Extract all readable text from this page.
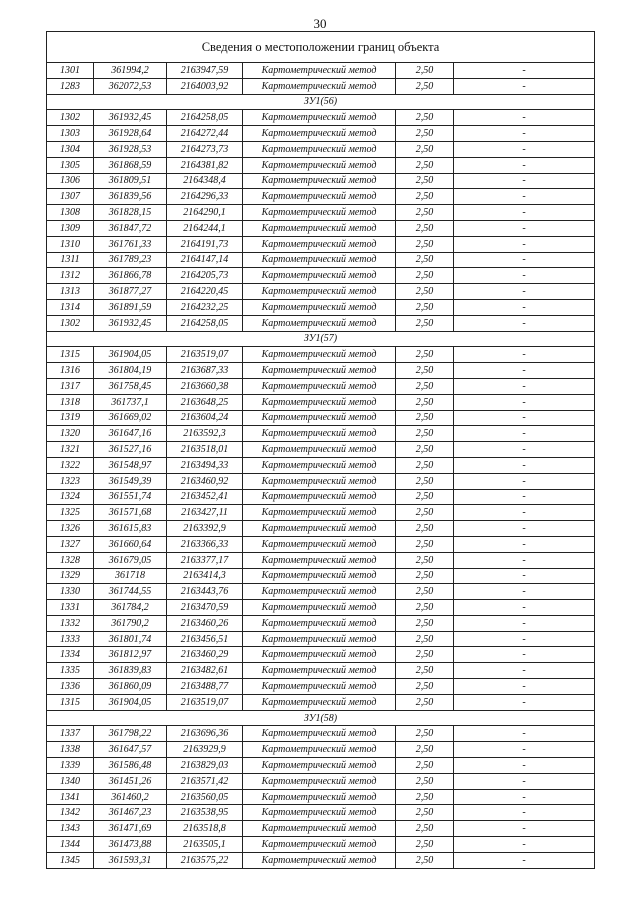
30
Сведения о местоположении границ объекта					
1301	361994,2	2163947,59	Картометрический метод	2,50	-
1283	362072,53	2164003,92	Картометрический метод	2,50	-
ЗУ1(56)					
1302	361932,45	2164258,05	Картометрический метод	2,50	-
1303	361928,64	2164272,44	Картометрический метод	2,50	-
1304	361928,53	2164273,73	Картометрический метод	2,50	-
1305	361868,59	2164381,82	Картометрический метод	2,50	-
1306	361809,51	2164348,4	Картометрический метод	2,50	-
1307	361839,56	2164296,33	Картометрический метод	2,50	-
1308	361828,15	2164290,1	Картометрический метод	2,50	-
1309	361847,72	2164244,1	Картометрический метод	2,50	-
1310	361761,33	2164191,73	Картометрический метод	2,50	-
1311	361789,23	2164147,14	Картометрический метод	2,50	-
1312	361866,78	2164205,73	Картометрический метод	2,50	-
1313	361877,27	2164220,45	Картометрический метод	2,50	-
1314	361891,59	2164232,25	Картометрический метод	2,50	-
1302	361932,45	2164258,05	Картометрический метод	2,50	-
ЗУ1(57)					
1315	361904,05	2163519,07	Картометрический метод	2,50	-
1316	361804,19	2163687,33	Картометрический метод	2,50	-
1317	361758,45	2163660,38	Картометрический метод	2,50	-
1318	361737,1	2163648,25	Картометрический метод	2,50	-
1319	361669,02	2163604,24	Картометрический метод	2,50	-
1320	361647,16	2163592,3	Картометрический метод	2,50	-
1321	361527,16	2163518,01	Картометрический метод	2,50	-
1322	361548,97	2163494,33	Картометрический метод	2,50	-
1323	361549,39	2163460,92	Картометрический метод	2,50	-
1324	361551,74	2163452,41	Картометрический метод	2,50	-
1325	361571,68	2163427,11	Картометрический метод	2,50	-
1326	361615,83	2163392,9	Картометрический метод	2,50	-
1327	361660,64	2163366,33	Картометрический метод	2,50	-
1328	361679,05	2163377,17	Картометрический метод	2,50	-
1329	361718	2163414,3	Картометрический метод	2,50	-
1330	361744,55	2163443,76	Картометрический метод	2,50	-
1331	361784,2	2163470,59	Картометрический метод	2,50	-
1332	361790,2	2163460,26	Картометрический метод	2,50	-
1333	361801,74	2163456,51	Картометрический метод	2,50	-
1334	361812,97	2163460,29	Картометрический метод	2,50	-
1335	361839,83	2163482,61	Картометрический метод	2,50	-
1336	361860,09	2163488,77	Картометрический метод	2,50	-
1315	361904,05	2163519,07	Картометрический метод	2,50	-
ЗУ1(58)					
1337	361798,22	2163696,36	Картометрический метод	2,50	-
1338	361647,57	2163929,9	Картометрический метод	2,50	-
1339	361586,48	2163829,03	Картометрический метод	2,50	-
1340	361451,26	2163571,42	Картометрический метод	2,50	-
1341	361460,2	2163560,05	Картометрический метод	2,50	-
1342	361467,23	2163538,95	Картометрический метод	2,50	-
1343	361471,69	2163518,8	Картометрический метод	2,50	-
1344	361473,88	2163505,1	Картометрический метод	2,50	-
1345	361593,31	2163575,22	Картометрический метод	2,50	-
